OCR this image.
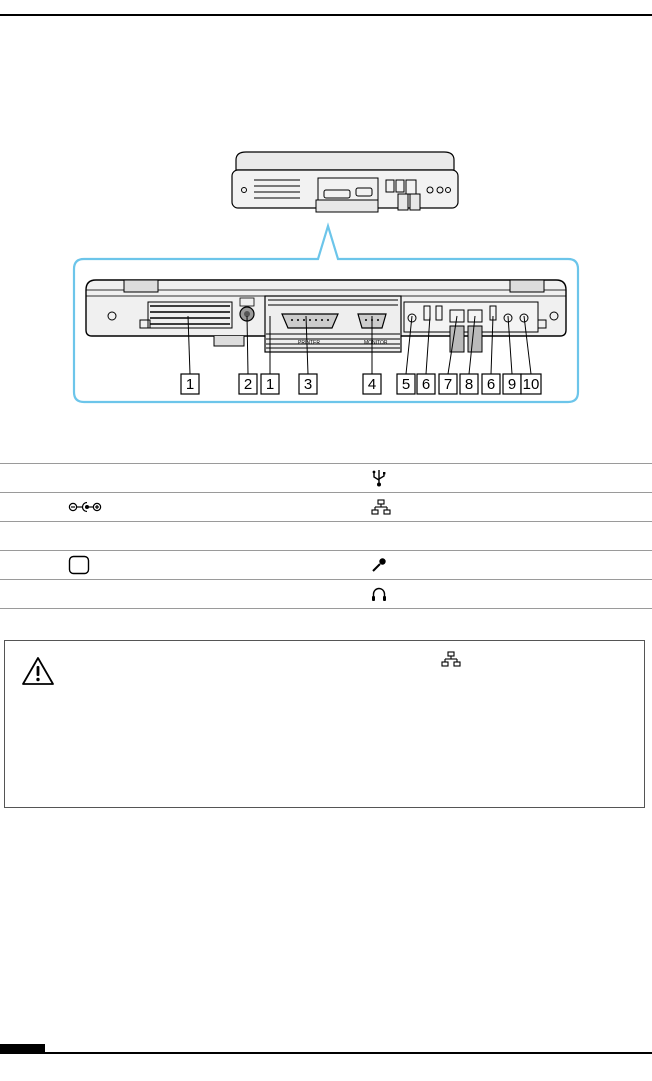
PRINTER	MONITOR
1	2 1 3	4 5 6 7 8 6 9 10
